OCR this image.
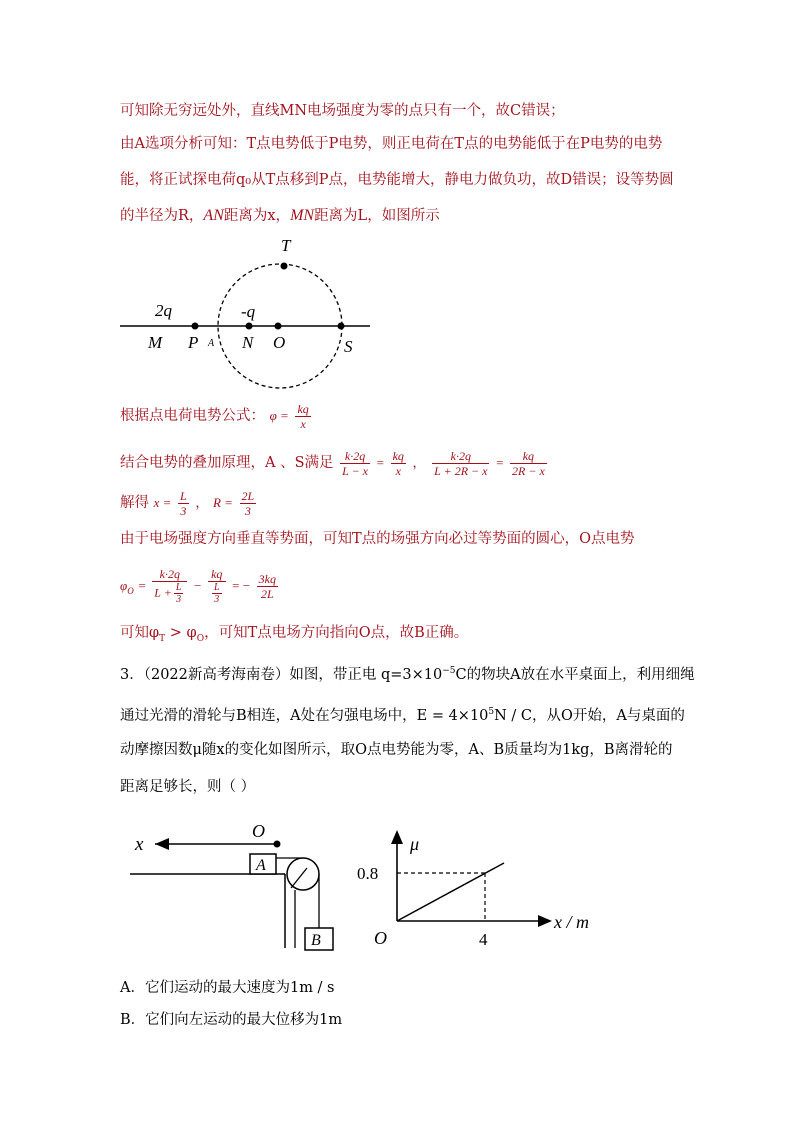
可知除无穷远处外，直线MN电场强度为零的点只有一个，故C错误；
由A选项分析可知：T点电势低于P电势，则正电荷在T点的电势能低于在P电势的电势
能，将正试探电荷q₀从T点移到P点，电势能增大，静电力做负功，故D错误；设等势圆
的半径为R，AN距离为x，MN距离为L，如图所示
T
2q	-q
M P A N O	S
根据点电荷电势公式： $\varphi = \frac{kq}{x}$
结合电势的叠加原理，A 、S满足 $\frac{k\cdot 2q}{L - x} = \frac{kq}{x}$ ， $\frac{k\cdot 2q}{L + 2R - x} = \frac{kq}{2R - x}$
解得 $x = \frac{L}{3}$ ， $R = \frac{2L}{3}$
由于电场强度方向垂直等势面，可知T点的场强方向必过等势面的圆心，O点电势
$\varphi_O = \frac{k\cdot 2q}{L + \frac{L}{3}} - \frac{kq}{\frac{L}{3}}$ = − $\frac{3kq}{2L}$
可知$\varphi_T > \varphi_O$，可知T点电场方向指向O点，故B正确。
3．（2022新高考海南卷）如图，带正电 $q=3\times 10^{-5}C$的物块A放在水平桌面上，利用细绳
通过光滑的滑轮与B相连，A处在匀强电场中，$E = 4\times 10^5N / C$，从O开始，A与桌面的
动摩擦因数μ随x的变化如图所示，取O点电势能为零，A、B质量均为1kg，B离滑轮的
距离足够长，则（ ）
x
O
A
B
μ
0.8
O	4
x / m
A．它们运动的最大速度为1m / s
B．它们向左运动的最大位移为1m
